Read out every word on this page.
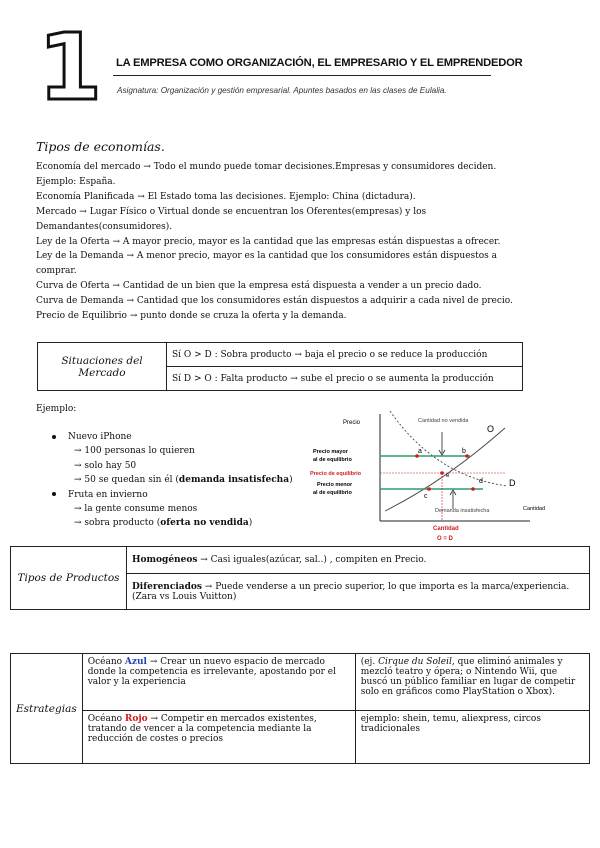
1 LA EMPRESA COMO ORGANIZACIÓN, EL EMPRESARIO Y EL EMPRENDEDOR
Asignatura: Organización y gestión empresarial. Apuntes basados en las clases de Eulalia.
Tipos de economías.
Economía del mercado → Todo el mundo puede tomar decisiones.Empresas y consumidores deciden.
Ejemplo: España.
Economía Planificada → El Estado toma las decisiones. Ejemplo: China (dictadura).
Mercado → Lugar Físico o Virtual donde se encuentran los Oferentes(empresas) y los
Demandantes(consumidores).
Ley de la Oferta → A mayor precio, mayor es la cantidad que las empresas están dispuestas a ofrecer.
Ley de la Demanda → A menor precio, mayor es la cantidad que los consumidores están dispuestos a
comprar.
Curva de Oferta → Cantidad de un bien que la empresa está dispuesta a vender a un precio dado.
Curva de Demanda → Cantidad que los consumidores están dispuestos a adquirir a cada nivel de precio.
Precio de Equilibrio → punto donde se cruza la oferta y la demanda.
Situaciones del Mercado	Sí O > D : Sobra producto → baja el precio o se reduce la producción
Sí D > O : Falta producto → sube el precio o se aumenta la producción
Ejemplo:
Nuevo iPhone
→ 100 personas lo quieren
→ solo hay 50
→ 50 se quedan sin él (demanda insatisfecha)
Fruta en invierno
→ la gente consume menos
→ sobra producto (oferta no vendida)
Precio
Cantidad
O
D
a	b
c
d
e
Cantidad no vendida
Demanda insatisfecha
Precio mayor
al de equilibrio
Precio de equilibrio
Precio menor
al de equilibrio
Cantidad
O = D
Tipos de Productos	Homogéneos → Casi iguales(azúcar, sal..) , compiten en Precio.
Diferenciados → Puede venderse a un precio superior, lo que importa es la marca/experiencia. (Zara vs Louis Vuitton)
Estrategias	Océano Azul → Crear un nuevo espacio de mercado donde la competencia es irrelevante, apostando por el valor y la experiencia	(ej. Cirque du Soleil, que eliminó animales y mezcló teatro y ópera; o Nintendo Wii, que buscó un público familiar en lugar de competir solo en gráficos como PlayStation o Xbox).
	Océano Rojo → Competir en mercados existentes, tratando de vencer a la competencia mediante la reducción de costes o precios	ejemplo: shein, temu, aliexpress, circos tradicionales
